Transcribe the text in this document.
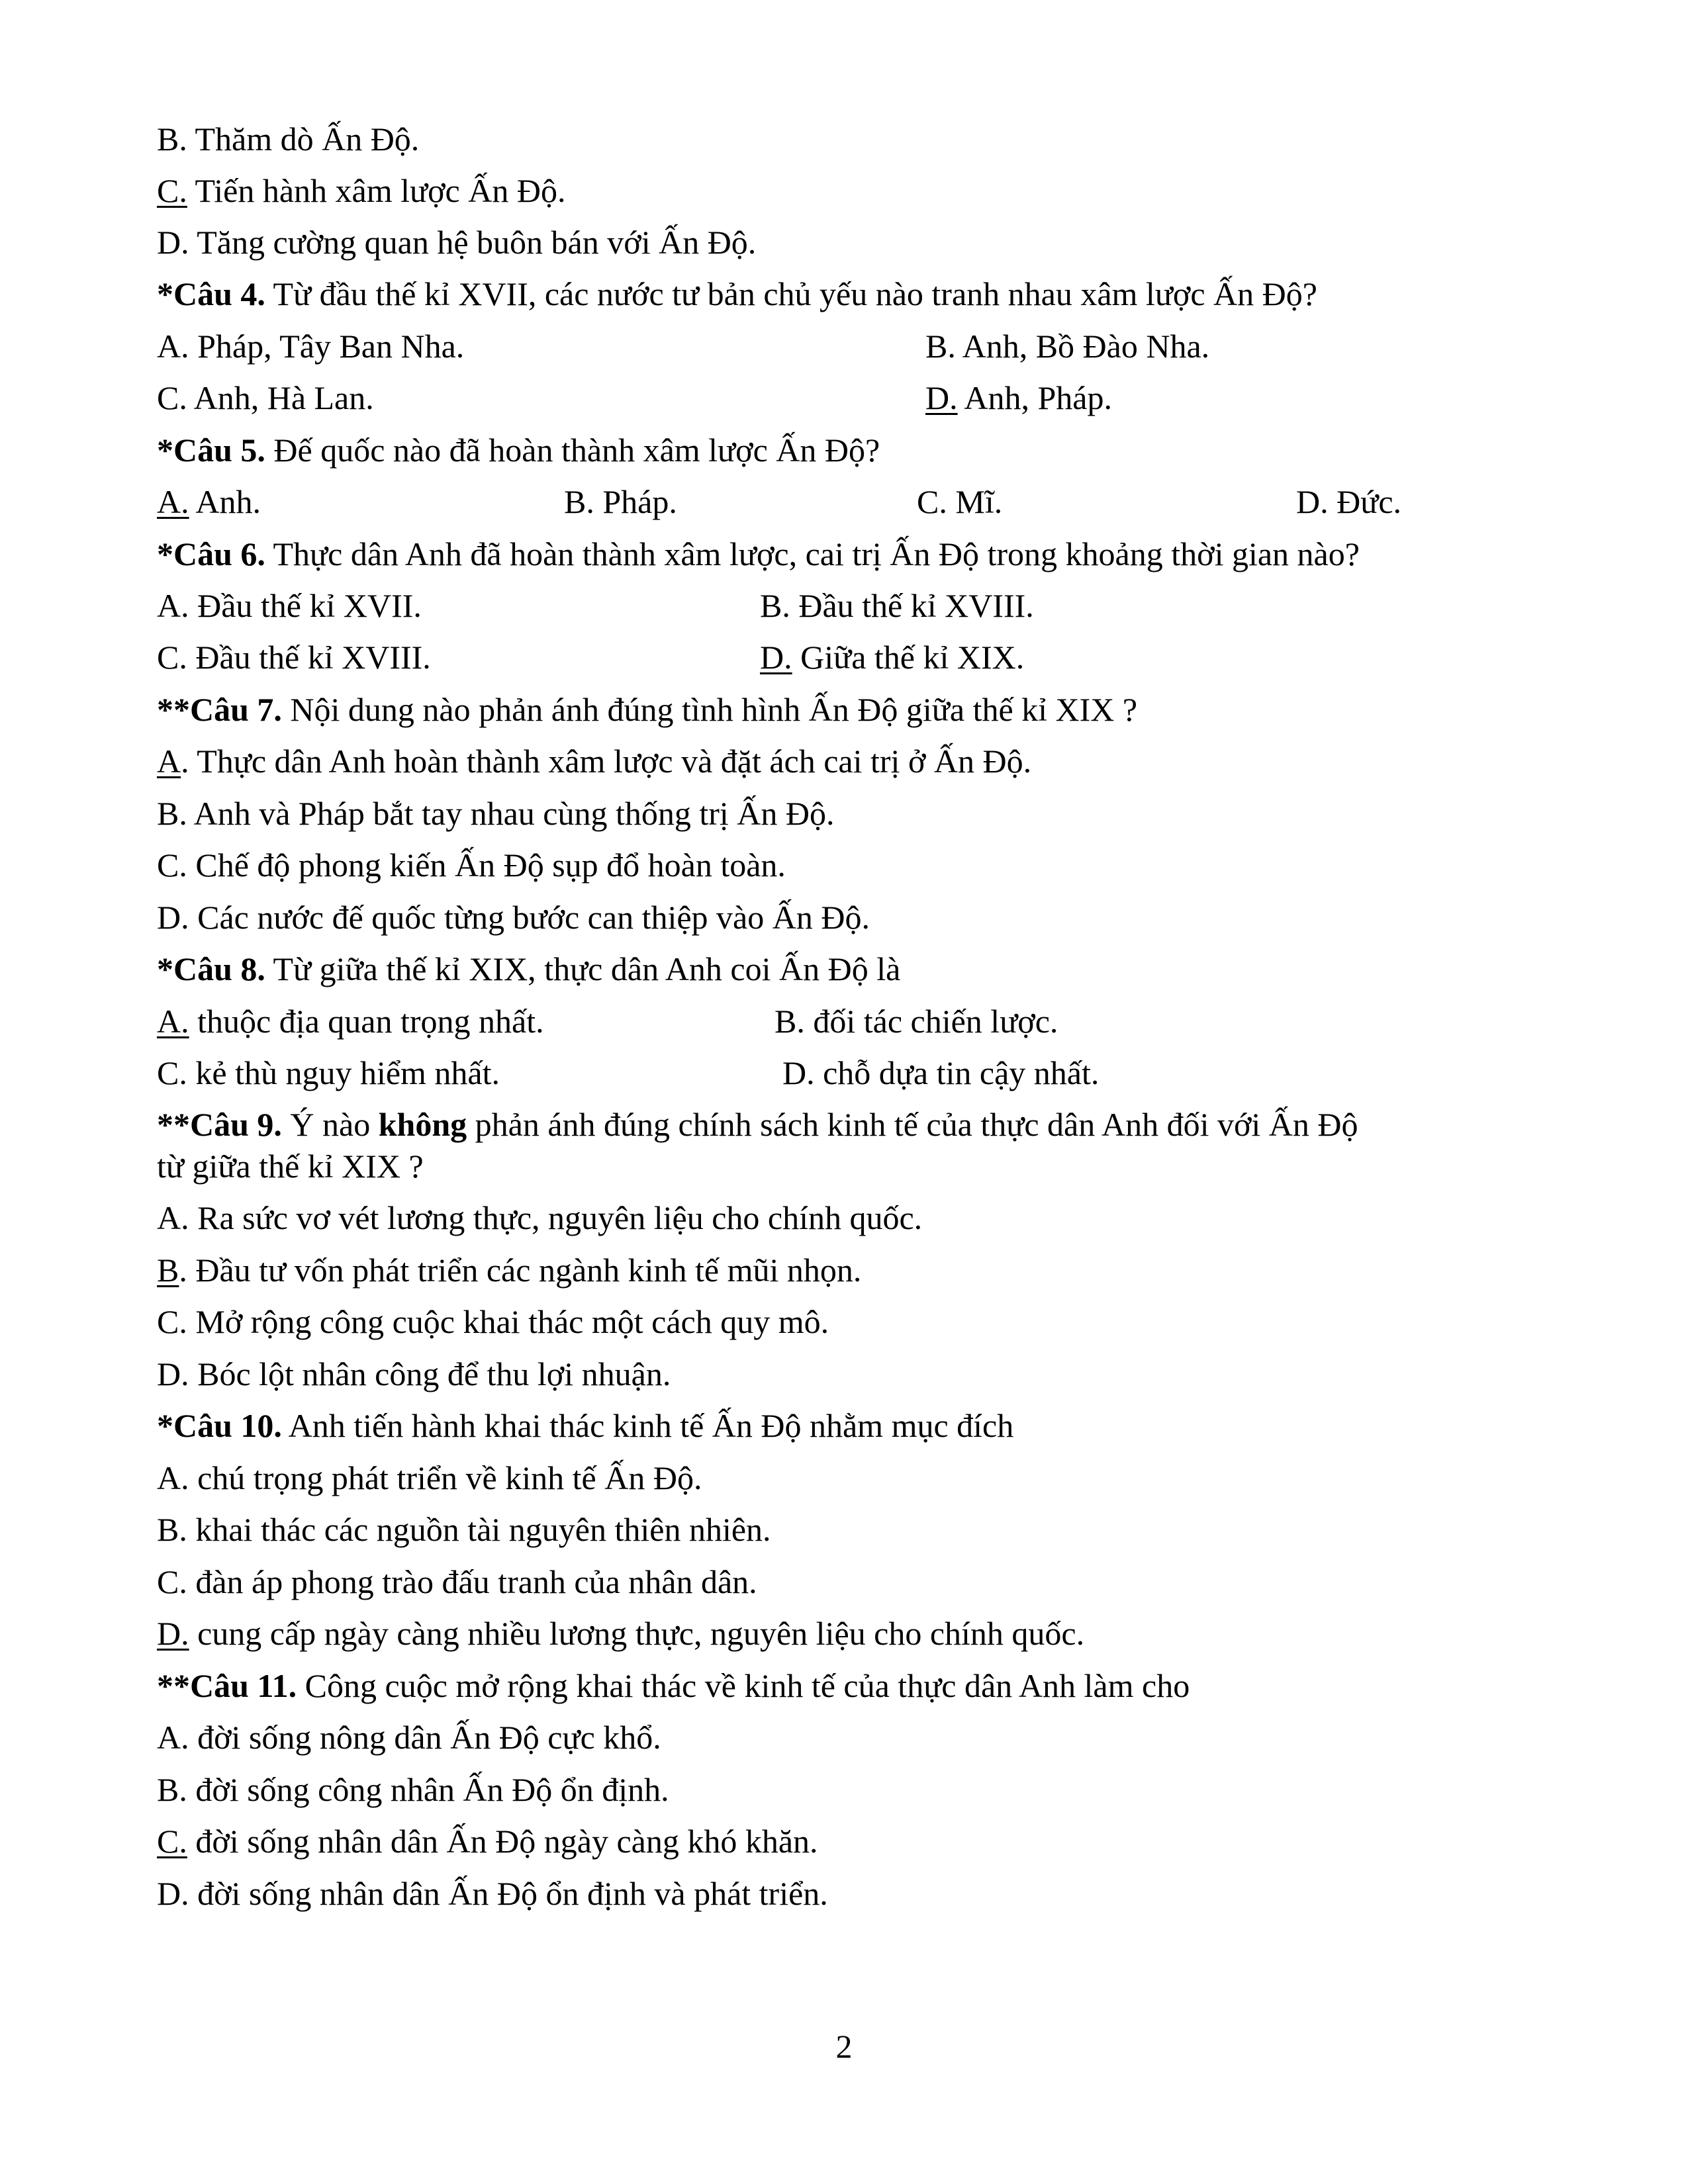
B. Thăm dò Ấn Độ.
C. Tiến hành xâm lược Ấn Độ.
D. Tăng cường quan hệ buôn bán với Ấn Độ.
*Câu 4. Từ đầu thế kỉ XVII, các nước tư bản chủ yếu nào tranh nhau xâm lược Ấn Độ?
A. Pháp, Tây Ban Nha.	B. Anh, Bồ Đào Nha.
C. Anh, Hà Lan.	D. Anh, Pháp.
*Câu 5. Đế quốc nào đã hoàn thành xâm lược Ấn Độ?
A. Anh.	B. Pháp.	C. Mĩ.	D. Đức.
*Câu 6. Thực dân Anh đã hoàn thành xâm lược, cai trị Ấn Độ trong khoảng thời gian nào?
A. Đầu thế kỉ XVII.	B. Đầu thế kỉ XVIII.
C. Đầu thế kỉ XVIII.	D. Giữa thế kỉ XIX.
**Câu 7. Nội dung nào phản ánh đúng tình hình Ấn Độ giữa thế kỉ XIX ?
A. Thực dân Anh hoàn thành xâm lược và đặt ách cai trị ở Ấn Độ.
B. Anh và Pháp bắt tay nhau cùng thống trị Ấn Độ.
C. Chế độ phong kiến Ấn Độ sụp đổ hoàn toàn.
D. Các nước đế quốc từng bước can thiệp vào Ấn Độ.
*Câu 8. Từ giữa thế kỉ XIX, thực dân Anh coi Ấn Độ là
A. thuộc địa quan trọng nhất.	B. đối tác chiến lược.
C. kẻ thù nguy hiểm nhất.	D. chỗ dựa tin cậy nhất.
**Câu 9. Ý nào không phản ánh đúng chính sách kinh tế của thực dân Anh đối với Ấn Độ
từ giữa thế kỉ XIX ?
A. Ra sức vơ vét lương thực, nguyên liệu cho chính quốc.
B. Đầu tư vốn phát triển các ngành kinh tế mũi nhọn.
C. Mở rộng công cuộc khai thác một cách quy mô.
D. Bóc lột nhân công để thu lợi nhuận.
*Câu 10. Anh tiến hành khai thác kinh tế Ấn Độ nhằm mục đích
A. chú trọng phát triển về kinh tế Ấn Độ.
B. khai thác các nguồn tài nguyên thiên nhiên.
C. đàn áp phong trào đấu tranh của nhân dân.
D. cung cấp ngày càng nhiều lương thực, nguyên liệu cho chính quốc.
**Câu 11. Công cuộc mở rộng khai thác về kinh tế của thực dân Anh làm cho
A. đời sống nông dân Ấn Độ cực khổ.
B. đời sống công nhân Ấn Độ ổn định.
C. đời sống nhân dân Ấn Độ ngày càng khó khăn.
D. đời sống nhân dân Ấn Độ ổn định và phát triển.
2
